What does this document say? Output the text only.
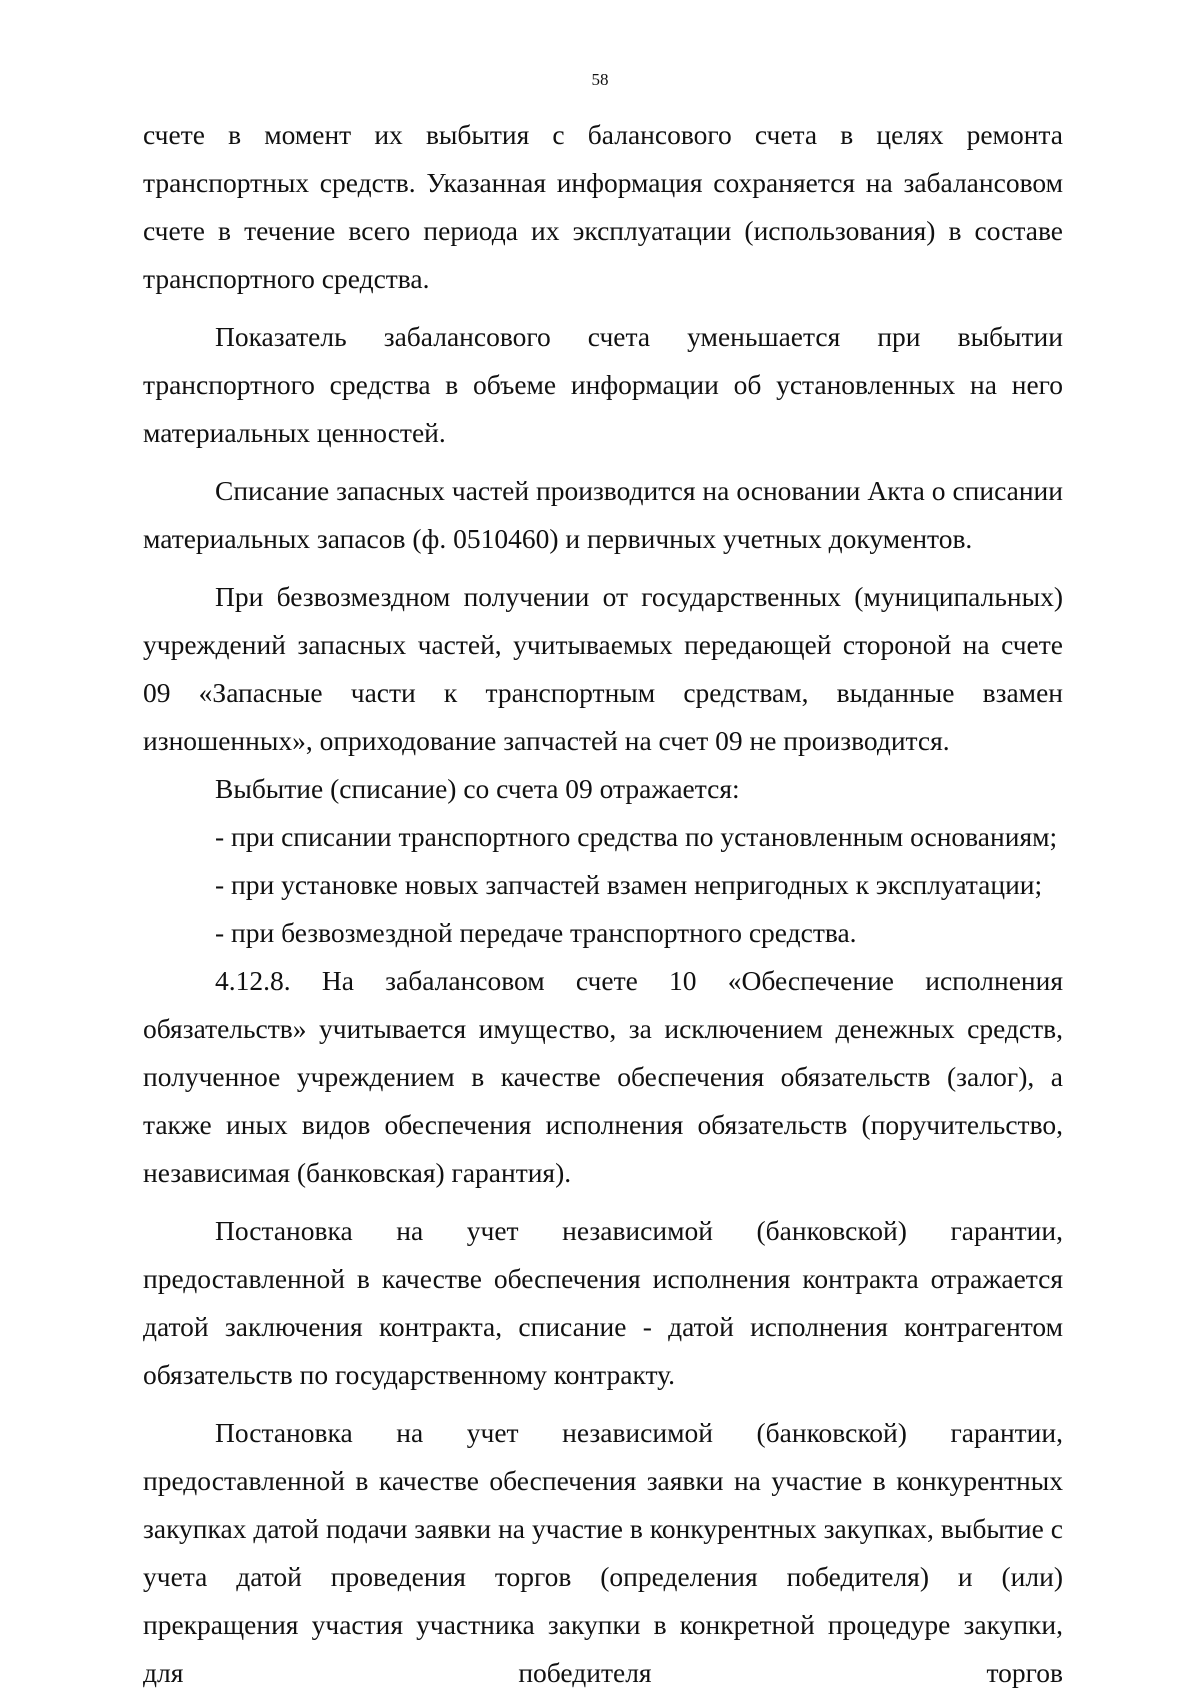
58

счете в момент их выбытия с балансового счета в целях ремонта транспортных средств. Указанная информация сохраняется на забалансовом счете в течение всего периода их эксплуатации (использования) в составе транспортного средства.

Показатель забалансового счета уменьшается при выбытии транспортного средства в объеме информации об установленных на него материальных ценностей.

Списание запасных частей производится на основании Акта о списании материальных запасов (ф. 0510460) и первичных учетных документов.

При безвозмездном получении от государственных (муниципальных) учреждений запасных частей, учитываемых передающей стороной на счете 09 «Запасные части к транспортным средствам, выданные взамен изношенных», оприходование запчастей на счет 09 не производится.

Выбытие (списание) со счета 09 отражается:

- при списании транспортного средства по установленным основаниям;

- при установке новых запчастей взамен непригодных к эксплуатации;

- при безвозмездной передаче транспортного средства.

4.12.8. На забалансовом счете 10 «Обеспечение исполнения обязательств» учитывается имущество, за исключением денежных средств, полученное учреждением в качестве обеспечения обязательств (залог), а также иных видов обеспечения исполнения обязательств (поручительство, независимая (банковская) гарантия).

Постановка на учет независимой (банковской) гарантии, предоставленной в качестве обеспечения исполнения контракта отражается датой заключения контракта, списание - датой исполнения контрагентом обязательств по государственному контракту.

Постановка на учет независимой (банковской) гарантии, предоставленной в качестве обеспечения заявки на участие в конкурентных закупках датой подачи заявки на участие в конкурентных закупках, выбытие с учета датой проведения торгов (определения победителя) и (или) прекращения участия участника закупки в конкретной процедуре закупки, для победителя торгов
